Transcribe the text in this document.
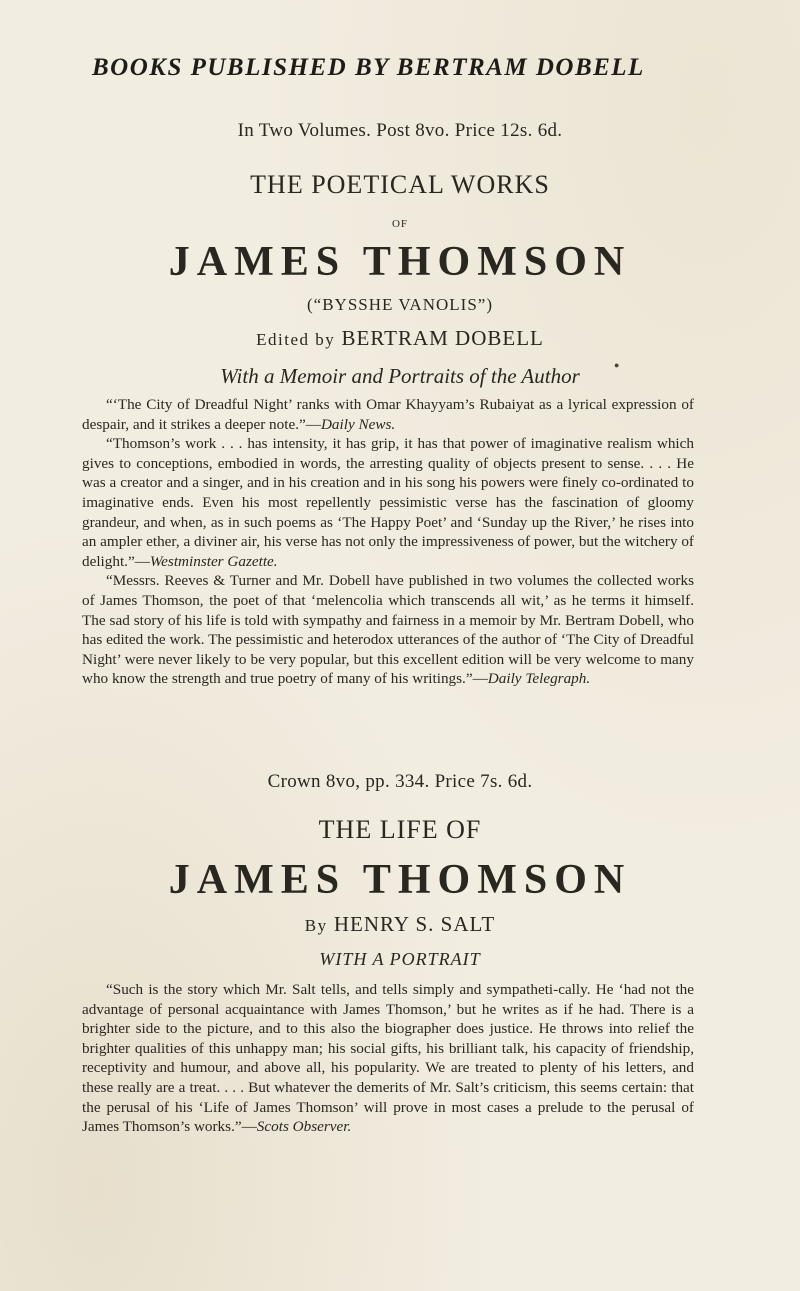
BOOKS PUBLISHED BY BERTRAM DOBELL
In Two Volumes. Post 8vo. Price 12s. 6d.
THE POETICAL WORKS
OF
JAMES THOMSON
(“BYSSHE VANOLIS”)
Edited by BERTRAM DOBELL
With a Memoir and Portraits of the Author	●

“‘The City of Dreadful Night’ ranks with Omar Khayyam’s Rubaiyat as a lyrical expression of despair, and it strikes a deeper note.”—Daily News.

“Thomson’s work . . . has intensity, it has grip, it has that power of imaginative realism which gives to conceptions, embodied in words, the arresting quality of objects present to sense. . . . He was a creator and a singer, and in his creation and in his song his powers were finely co-ordinated to imaginative ends. Even his most repellently pessimistic verse has the fascination of gloomy grandeur, and when, as in such poems as ‘The Happy Poet’ and ‘Sunday up the River,’ he rises into an ampler ether, a diviner air, his verse has not only the impressiveness of power, but the witchery of delight.”—Westminster Gazette.

“Messrs. Reeves & Turner and Mr. Dobell have published in two volumes the collected works of James Thomson, the poet of that ‘melencolia which transcends all wit,’ as he terms it himself. The sad story of his life is told with sympathy and fairness in a memoir by Mr. Bertram Dobell, who has edited the work. The pessimistic and heterodox utterances of the author of ‘The City of Dreadful Night’ were never likely to be very popular, but this excellent edition will be very welcome to many who know the strength and true poetry of many of his writings.”—Daily Telegraph.

Crown 8vo, pp. 334. Price 7s. 6d.
THE LIFE OF
JAMES THOMSON
By HENRY S. SALT
WITH A PORTRAIT

“Such is the story which Mr. Salt tells, and tells simply and sympatheti-cally. He ‘had not the advantage of personal acquaintance with James Thomson,’ but he writes as if he had. There is a brighter side to the picture, and to this also the biographer does justice. He throws into relief the brighter qualities of this unhappy man; his social gifts, his brilliant talk, his capacity of friendship, receptivity and humour, and above all, his popularity. We are treated to plenty of his letters, and these really are a treat. . . . But whatever the demerits of Mr. Salt’s criticism, this seems certain: that the perusal of his ‘Life of James Thomson’ will prove in most cases a prelude to the perusal of James Thomson’s works.”—Scots Observer.
